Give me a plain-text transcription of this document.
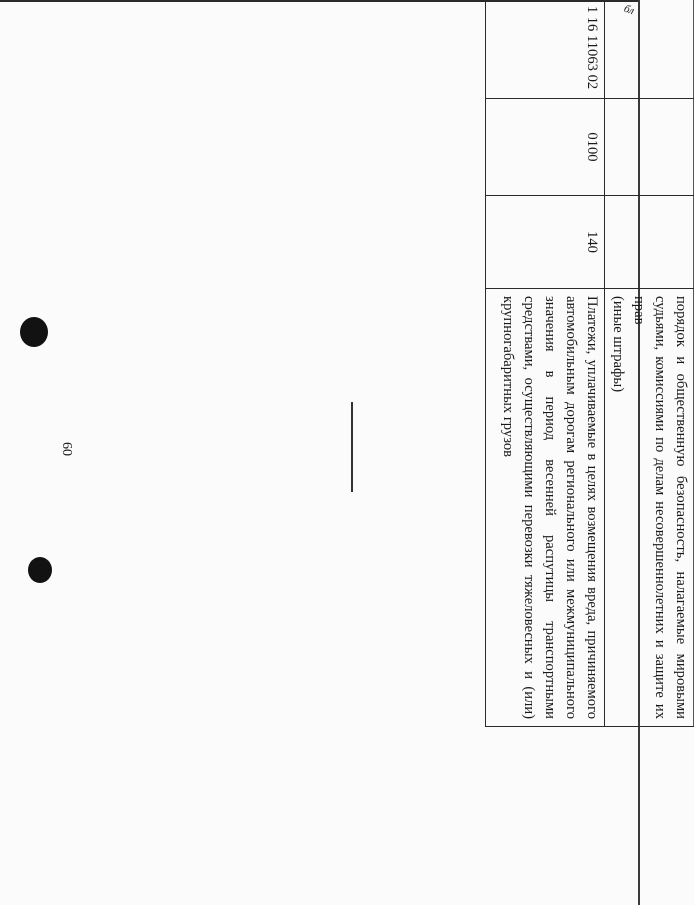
бл
60
					порядок и общественную безопасность, налагаемые мировыми судьями, комиссиями по делам несовершеннолетних и защите их прав
(иные штрафы)

	1 16 11063 02	0100	140	Платежи, уплачиваемые в целях возмещения вреда, причиняемого автомобильным дорогам регионального или межмуниципального значения в период весенней распутицы транспортными средствами, осуществляющими перевозки тяжеловесных и (или)
крупногабаритных грузов
